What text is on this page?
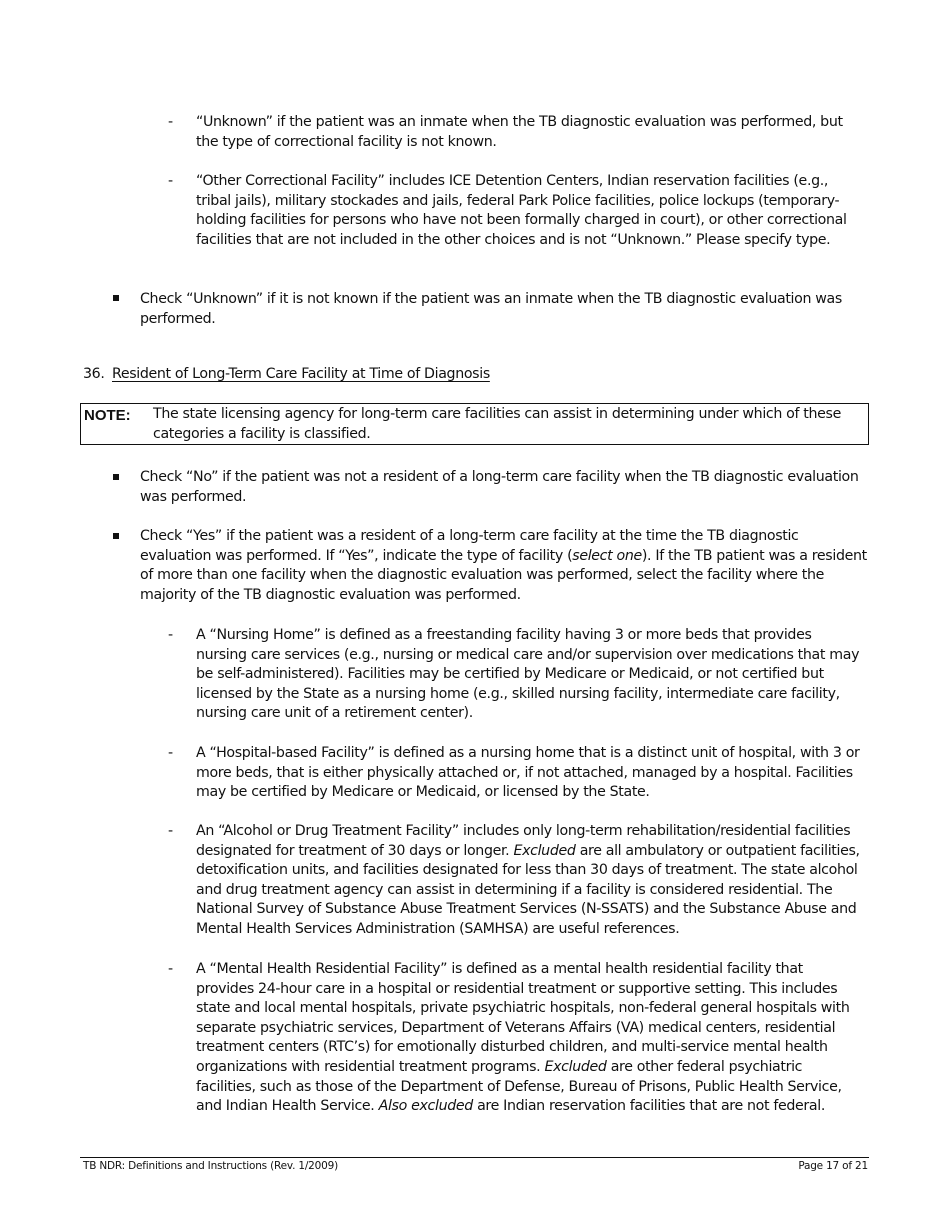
-	“Unknown” if the patient was an inmate when the TB diagnostic evaluation was performed, but the type of correctional facility is not known.

-	“Other Correctional Facility” includes ICE Detention Centers, Indian reservation facilities (e.g., tribal jails), military stockades and jails, federal Park Police facilities, police lockups (temporary-holding facilities for persons who have not been formally charged in court), or other correctional facilities that are not included in the other choices and is not “Unknown.” Please specify type.

Check “Unknown” if it is not known if the patient was an inmate when the TB diagnostic evaluation was performed.

36. Resident of Long-Term Care Facility at Time of Diagnosis
NOTE: The state licensing agency for long-term care facilities can assist in determining under which of these categories a facility is classified.

Check “No” if the patient was not a resident of a long-term care facility when the TB diagnostic evaluation was performed.

Check “Yes” if the patient was a resident of a long-term care facility at the time the TB diagnostic evaluation was performed. If “Yes”, indicate the type of facility (select one). If the TB patient was a resident of more than one facility when the diagnostic evaluation was performed, select the facility where the majority of the TB diagnostic evaluation was performed.

-	A “Nursing Home” is defined as a freestanding facility having 3 or more beds that provides nursing care services (e.g., nursing or medical care and/or supervision over medications that may be self-administered). Facilities may be certified by Medicare or Medicaid, or not certified but licensed by the State as a nursing home (e.g., skilled nursing facility, intermediate care facility, nursing care unit of a retirement center).

-	A “Hospital-based Facility” is defined as a nursing home that is a distinct unit of hospital, with 3 or more beds, that is either physically attached or, if not attached, managed by a hospital. Facilities may be certified by Medicare or Medicaid, or licensed by the State.

-	An “Alcohol or Drug Treatment Facility” includes only long-term rehabilitation/residential facilities designated for treatment of 30 days or longer. Excluded are all ambulatory or outpatient facilities, detoxification units, and facilities designated for less than 30 days of treatment. The state alcohol and drug treatment agency can assist in determining if a facility is considered residential. The National Survey of Substance Abuse Treatment Services (N-SSATS) and the Substance Abuse and Mental Health Services Administration (SAMHSA) are useful references.

-	A “Mental Health Residential Facility” is defined as a mental health residential facility that provides 24-hour care in a hospital or residential treatment or supportive setting. This includes state and local mental hospitals, private psychiatric hospitals, non-federal general hospitals with separate psychiatric services, Department of Veterans Affairs (VA) medical centers, residential treatment centers (RTC’s) for emotionally disturbed children, and multi-service mental health organizations with residential treatment programs. Excluded are other federal psychiatric facilities, such as those of the Department of Defense, Bureau of Prisons, Public Health Service, and Indian Health Service. Also excluded are Indian reservation facilities that are not federal.

TB NDR: Definitions and Instructions (Rev. 1/2009)	Page 17 of 21
